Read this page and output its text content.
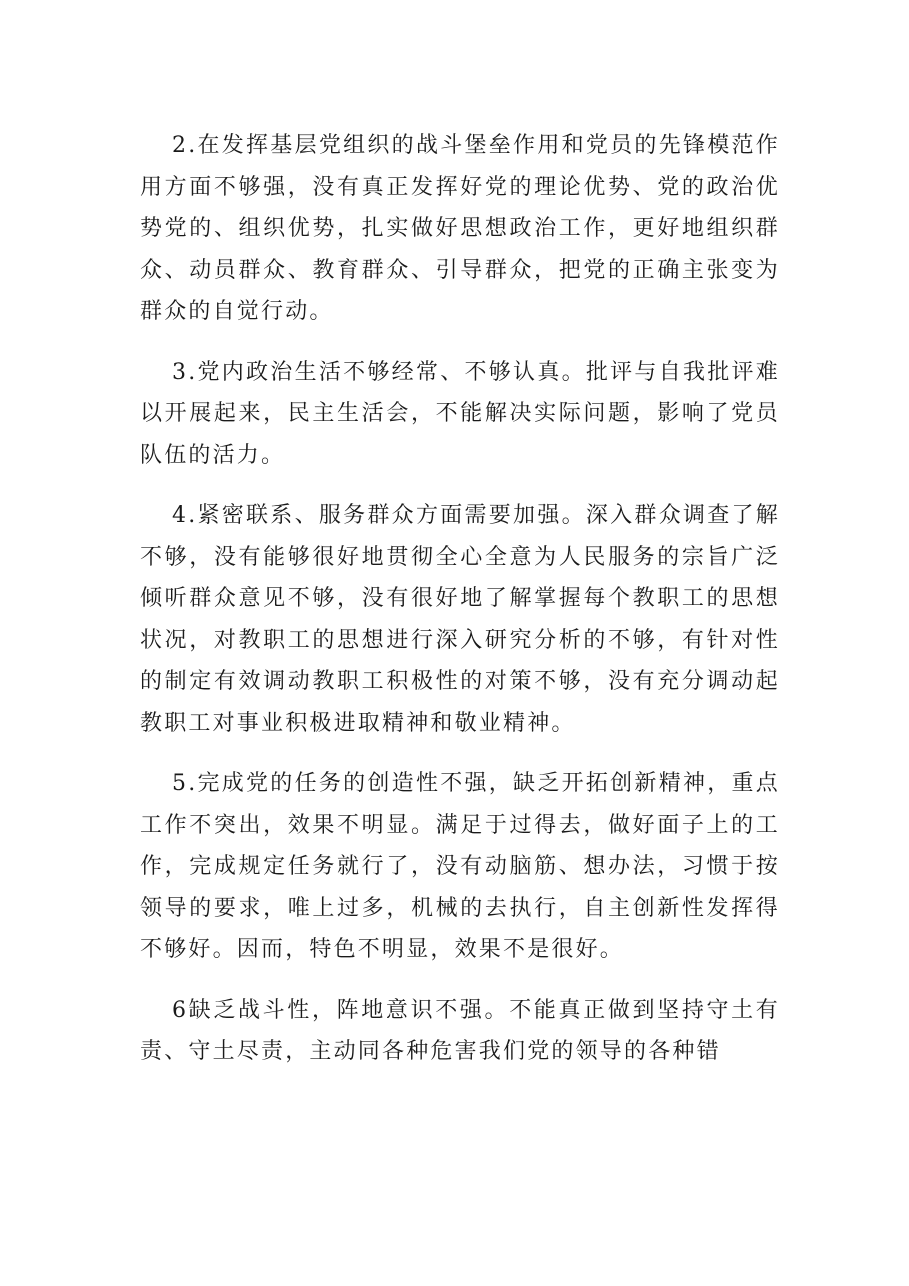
2.在发挥基层党组织的战斗堡垒作用和党员的先锋模范作用方面不够强，没有真正发挥好党的理论优势、党的政治优势党的、组织优势，扎实做好思想政治工作，更好地组织群众、动员群众、教育群众、引导群众，把党的正确主张变为群众的自觉行动。

3.党内政治生活不够经常、不够认真。批评与自我批评难以开展起来，民主生活会，不能解决实际问题，影响了党员队伍的活力。

4.紧密联系、服务群众方面需要加强。深入群众调查了解不够，没有能够很好地贯彻全心全意为人民服务的宗旨广泛倾听群众意见不够，没有很好地了解掌握每个教职工的思想状况，对教职工的思想进行深入研究分析的不够，有针对性的制定有效调动教职工积极性的对策不够，没有充分调动起教职工对事业积极进取精神和敬业精神。

5.完成党的任务的创造性不强，缺乏开拓创新精神，重点工作不突出，效果不明显。满足于过得去，做好面子上的工作，完成规定任务就行了，没有动脑筋、想办法，习惯于按领导的要求，唯上过多，机械的去执行，自主创新性发挥得不够好。因而，特色不明显，效果不是很好。

6缺乏战斗性，阵地意识不强。不能真正做到坚持守土有责、守土尽责，主动同各种危害我们党的领导的各种错
